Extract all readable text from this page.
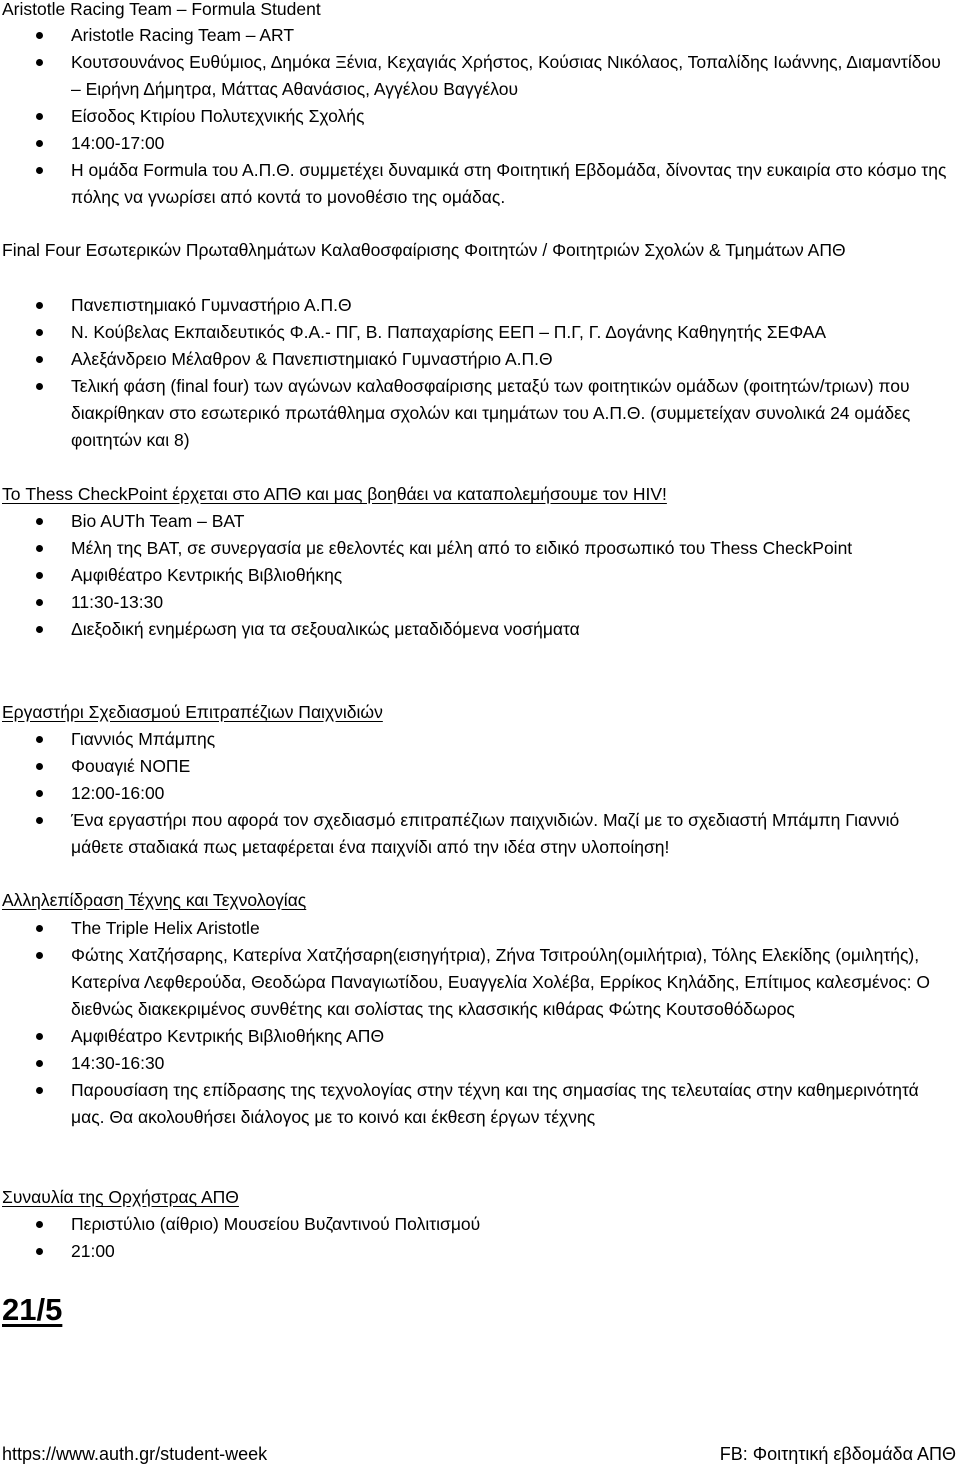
Aristotle Racing Team – Formula Student
Aristotle Racing Team – ART
Κουτσουνάνος Ευθύμιος, Δημόκα Ξένια, Κεχαγιάς Χρήστος, Κούσιας Νικόλαος, Τοπαλίδης Ιωάννης, Διαμαντίδου – Ειρήνη Δήμητρα, Μάττας Αθανάσιος, Αγγέλου Βαγγέλου
Είσοδος Κτιρίου Πολυτεχνικής Σχολής
14:00-17:00
Η ομάδα Formula του Α.Π.Θ. συμμετέχει δυναμικά στη Φοιτητική Εβδομάδα, δίνοντας την ευκαιρία στο κόσμο της πόλης να γνωρίσει από κοντά το μονοθέσιο της ομάδας.
Final Four Εσωτερικών Πρωταθλημάτων Καλαθοσφαίρισης Φοιτητών / Φοιτητριών Σχολών & Τμημάτων ΑΠΘ
Πανεπιστημιακό Γυμναστήριο Α.Π.Θ
Ν. Κούβελας Εκπαιδευτικός Φ.Α.- ΠΓ, Β. Παπαχαρίσης ΕΕΠ – Π.Γ, Γ. Δογάνης Καθηγητής ΣΕΦΑΑ
Αλεξάνδρειο Μέλαθρον & Πανεπιστημιακό Γυμναστήριο Α.Π.Θ
Τελική φάση (final four) των αγώνων καλαθοσφαίρισης μεταξύ των φοιτητικών ομάδων (φοιτητών/τριων) που διακρίθηκαν στο εσωτερικό πρωτάθλημα σχολών και τμημάτων του Α.Π.Θ. (συμμετείχαν συνολικά 24 ομάδες φοιτητών και 8)
Το Thess CheckPoint έρχεται στο ΑΠΘ και μας βοηθάει να καταπολεμήσουμε τον HIV!
Bio AUTh Team – BAT
Μέλη της BAT, σε συνεργασία με εθελοντές και μέλη από το ειδικό προσωπικό του Thess CheckPoint
Αμφιθέατρο Κεντρικής Βιβλιοθήκης
11:30-13:30
Διεξοδική ενημέρωση για τα σεξουαλικώς μεταδιδόμενα νοσήματα
Εργαστήρι Σχεδιασμού Επιτραπέζιων Παιχνιδιών
Γιαννιός Μπάμπης
Φουαγιέ ΝΟΠΕ
12:00-16:00
Ένα εργαστήρι που αφορά τον σχεδιασμό επιτραπέζιων παιχνιδιών. Μαζί με το σχεδιαστή Μπάμπη Γιαννιό μάθετε σταδιακά πως μεταφέρεται ένα παιχνίδι από την ιδέα στην υλοποίηση!
Αλληλεπίδραση Τέχνης και Τεχνολογίας
The Triple Helix Aristotle
Φώτης Χατζήσαρης, Κατερίνα Χατζήσαρη(εισηγήτρια), Ζήνα Τσιτρούλη(ομιλήτρια), Τόλης Ελεκίδης (ομιλητής), Κατερίνα Λεφθερούδα, Θεοδώρα Παναγιωτίδου, Ευαγγελία Χολέβα, Ερρίκος Κηλάδης, Επίτιμος καλεσμένος: Ο διεθνώς διακεκριμένος συνθέτης και σολίστας της κλασσικής κιθάρας Φώτης Κουτσοθόδωρος
Αμφιθέατρο Κεντρικής Βιβλιοθήκης ΑΠΘ
14:30-16:30
Παρουσίαση της επίδρασης της τεχνολογίας στην τέχνη και της σημασίας της τελευταίας στην καθημερινότητά μας. Θα ακολουθήσει διάλογος με το κοινό και έκθεση έργων τέχνης
Συναυλία της Ορχήστρας ΑΠΘ
Περιστύλιο (αίθριο) Μουσείου Βυζαντινού Πολιτισμού
21:00
21/5
https://www.auth.gr/student-week	FB: Φοιτητική εβδομάδα ΑΠΘ
